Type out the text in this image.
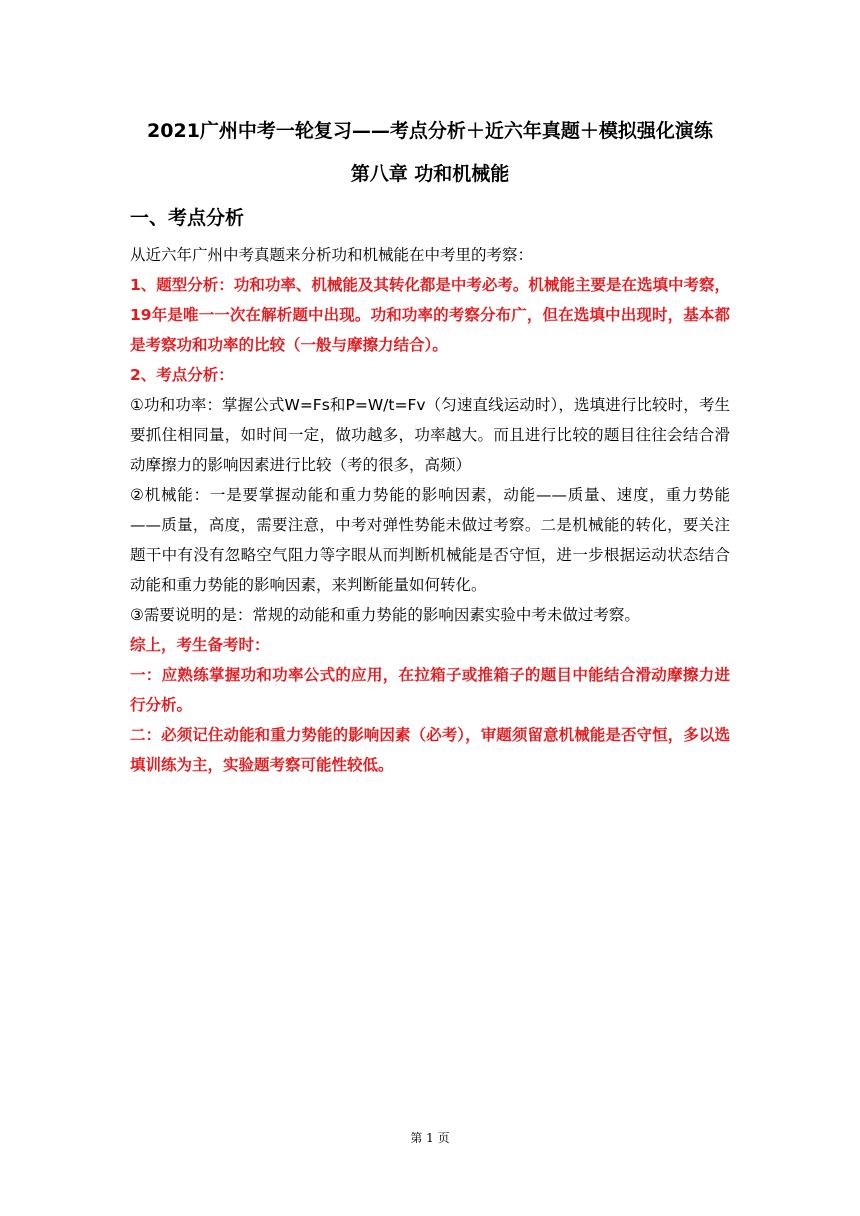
2021广州中考一轮复习——考点分析＋近六年真题＋模拟强化演练
第八章 功和机械能
一、考点分析

从近六年广州中考真题来分析功和机械能在中考里的考察：

1、题型分析：功和功率、机械能及其转化都是中考必考。机械能主要是在选填中考察，19年是唯一一次在解析题中出现。功和功率的考察分布广，但在选填中出现时，基本都是考察功和功率的比较（一般与摩擦力结合）。

2、考点分析：

①功和功率：掌握公式W=Fs和P=W/t=Fv（匀速直线运动时），选填进行比较时，考生要抓住相同量，如时间一定，做功越多，功率越大。而且进行比较的题目往往会结合滑动摩擦力的影响因素进行比较（考的很多，高频）

②机械能：一是要掌握动能和重力势能的影响因素，动能——质量、速度，重力势能——质量，高度，需要注意，中考对弹性势能未做过考察。二是机械能的转化，要关注题干中有没有忽略空气阻力等字眼从而判断机械能是否守恒，进一步根据运动状态结合动能和重力势能的影响因素，来判断能量如何转化。

③需要说明的是：常规的动能和重力势能的影响因素实验中考未做过考察。

综上，考生备考时：

一：应熟练掌握功和功率公式的应用，在拉箱子或推箱子的题目中能结合滑动摩擦力进行分析。

二：必须记住动能和重力势能的影响因素（必考），审题须留意机械能是否守恒，多以选填训练为主，实验题考察可能性较低。

第 1 页
